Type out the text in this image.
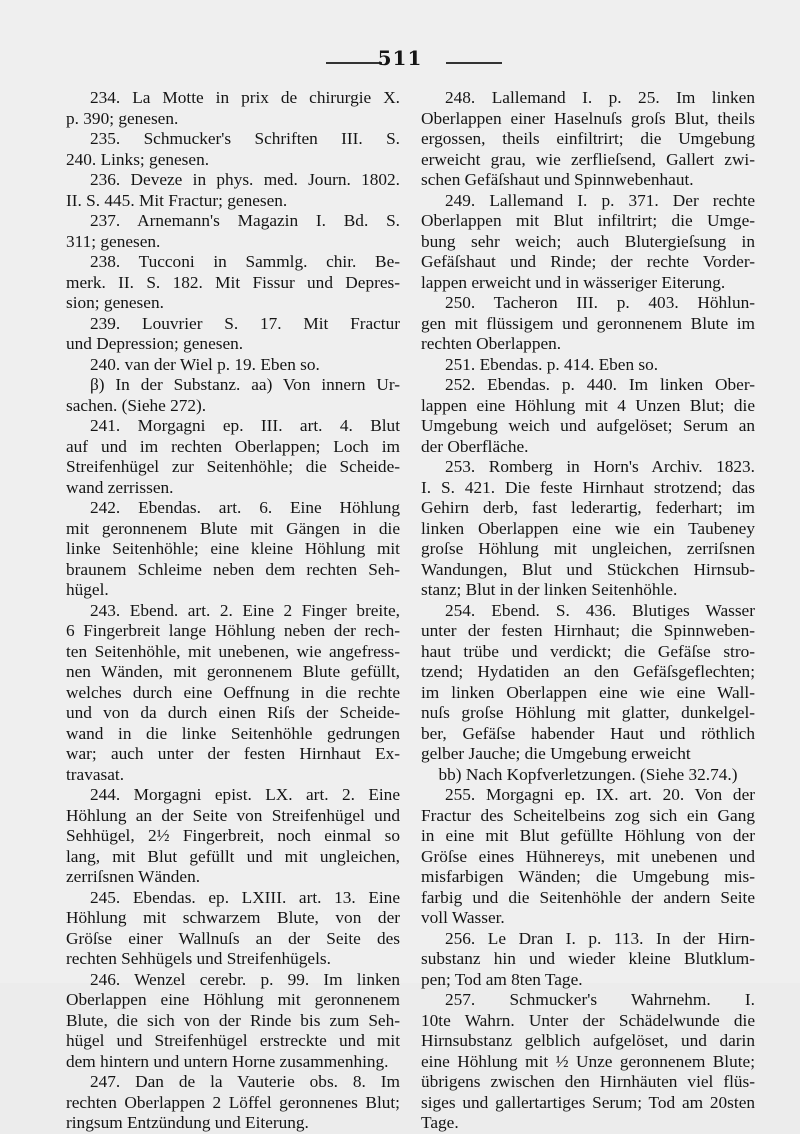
511
234. La Motte in prix de chirurgie X.
p. 390; genesen.
235. Schmucker's Schriften III. S.
240. Links; genesen.
236. Deveze in phys. med. Journ. 1802.
II. S. 445. Mit Fractur; genesen.
237. Arnemann's Magazin I. Bd. S.
311; genesen.
238. Tucconi in Sammlg. chir. Be-
merk. II. S. 182. Mit Fissur und Depres-
sion; genesen.
239. Louvrier S. 17. Mit Fractur
und Depression; genesen.
240. van der Wiel p. 19. Eben so.
β) In der Substanz. aa) Von innern Ur-
sachen. (Siehe 272).
241. Morgagni ep. III. art. 4. Blut
auf und im rechten Oberlappen; Loch im
Streifenhügel zur Seitenhöhle; die Scheide-
wand zerrissen.
242. Ebendas. art. 6. Eine Höhlung
mit geronnenem Blute mit Gängen in die
linke Seitenhöhle; eine kleine Höhlung mit
braunem Schleime neben dem rechten Seh-
hügel.
243. Ebend. art. 2. Eine 2 Finger breite,
6 Fingerbreit lange Höhlung neben der rech-
ten Seitenhöhle, mit unebenen, wie angefress-
nen Wänden, mit geronnenem Blute gefüllt,
welches durch eine Oeffnung in die rechte
und von da durch einen Riſs der Scheide-
wand in die linke Seitenhöhle gedrungen
war; auch unter der festen Hirnhaut Ex-
travasat.
244. Morgagni epist. LX. art. 2. Eine
Höhlung an der Seite von Streifenhügel und
Sehhügel, 2½ Fingerbreit, noch einmal so
lang, mit Blut gefüllt und mit ungleichen,
zerriſsnen Wänden.
245. Ebendas. ep. LXIII. art. 13. Eine
Höhlung mit schwarzem Blute, von der
Gröſse einer Wallnuſs an der Seite des
rechten Sehhügels und Streifenhügels.
246. Wenzel cerebr. p. 99. Im linken
Oberlappen eine Höhlung mit geronnenem
Blute, die sich von der Rinde bis zum Seh-
hügel und Streifenhügel erstreckte und mit
dem hintern und untern Horne zusammenhing.
247. Dan de la Vauterie obs. 8. Im
rechten Oberlappen 2 Löffel geronnenes Blut;
ringsum Entzündung und Eiterung.
248. Lallemand I. p. 25. Im linken
Oberlappen einer Haselnuſs groſs Blut, theils
ergossen, theils einfiltrirt; die Umgebung
erweicht grau, wie zerflieſsend, Gallert zwi-
schen Gefäſshaut und Spinnwebenhaut.
249. Lallemand I. p. 371. Der rechte
Oberlappen mit Blut infiltrirt; die Umge-
bung sehr weich; auch Blutergieſsung in
Gefäſshaut und Rinde; der rechte Vorder-
lappen erweicht und in wässeriger Eiterung.
250. Tacheron III. p. 403. Höhlun-
gen mit flüssigem und geronnenem Blute im
rechten Oberlappen.
251. Ebendas. p. 414. Eben so.
252. Ebendas. p. 440. Im linken Ober-
lappen eine Höhlung mit 4 Unzen Blut; die
Umgebung weich und aufgelöset; Serum an
der Oberfläche.
253. Romberg in Horn's Archiv. 1823.
I. S. 421. Die feste Hirnhaut strotzend; das
Gehirn derb, fast lederartig, federhart; im
linken Oberlappen eine wie ein Taubeney
groſse Höhlung mit ungleichen, zerriſsnen
Wandungen, Blut und Stückchen Hirnsub-
stanz; Blut in der linken Seitenhöhle.
254. Ebend. S. 436. Blutiges Wasser
unter der festen Hirnhaut; die Spinnweben-
haut trübe und verdickt; die Gefäſse stro-
tzend; Hydatiden an den Gefäſsgeflechten;
im linken Oberlappen eine wie eine Wall-
nuſs groſse Höhlung mit glatter, dunkelgel-
ber, Gefäſse habender Haut und röthlich
gelber Jauche; die Umgebung erweicht
bb) Nach Kopfverletzungen. (Siehe 32.74.)
255. Morgagni ep. IX. art. 20. Von der
Fractur des Scheitelbeins zog sich ein Gang
in eine mit Blut gefüllte Höhlung von der
Gröſse eines Hühnereys, mit unebenen und
misfarbigen Wänden; die Umgebung mis-
farbig und die Seitenhöhle der andern Seite
voll Wasser.
256. Le Dran I. p. 113. In der Hirn-
substanz hin und wieder kleine Blutklum-
pen; Tod am 8ten Tage.
257. Schmucker's Wahrnehm. I.
10te Wahrn. Unter der Schädelwunde die
Hirnsubstanz gelblich aufgelöset, und darin
eine Höhlung mit ½ Unze geronnenem Blute;
übrigens zwischen den Hirnhäuten viel flüs-
siges und gallertartiges Serum; Tod am 20sten
Tage.
